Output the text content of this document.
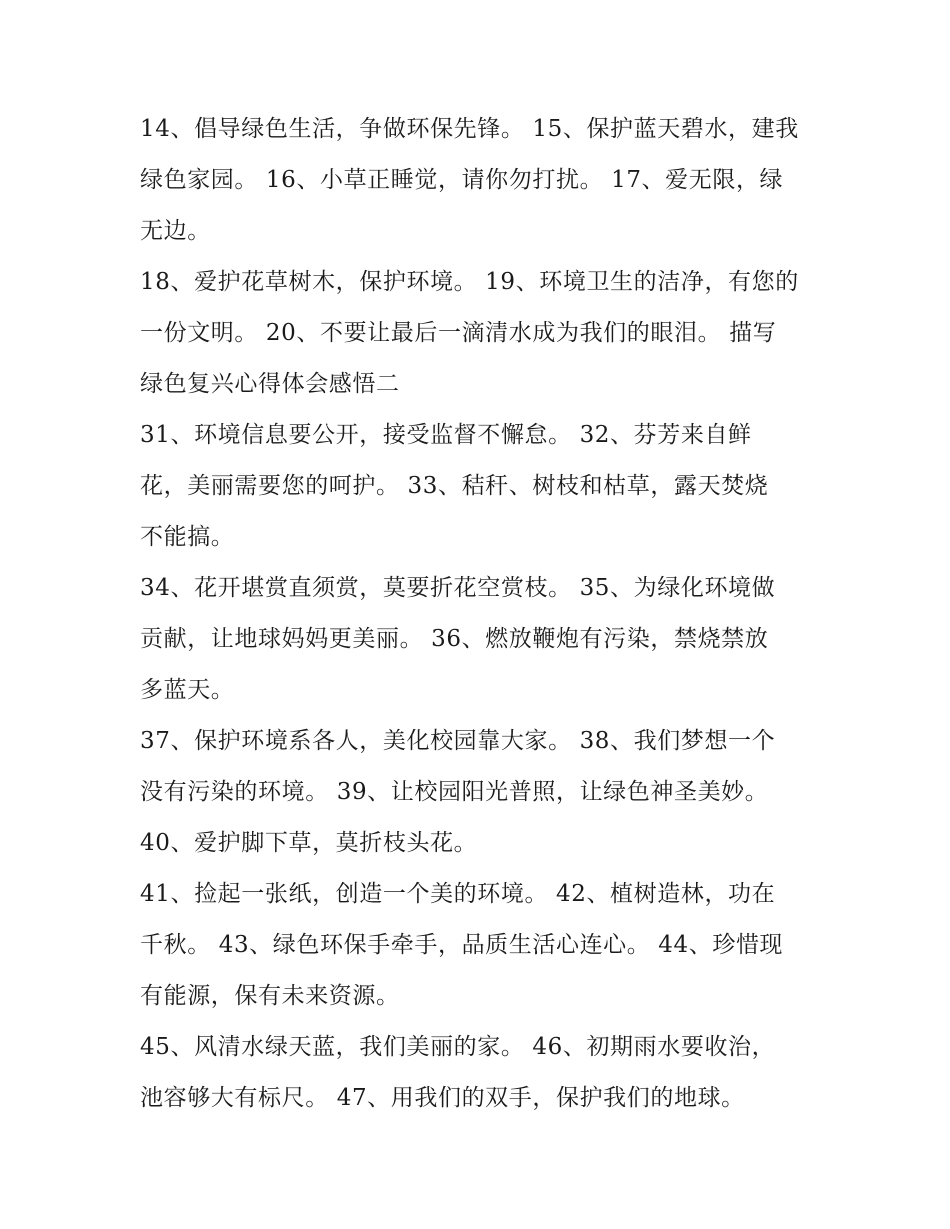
14、倡导绿色生活，争做环保先锋。 15、保护蓝天碧水，建我
绿色家园。 16、小草正睡觉，请你勿打扰。 17、爱无限，绿
无边。

18、爱护花草树木，保护环境。 19、环境卫生的洁净，有您的
一份文明。 20、不要让最后一滴清水成为我们的眼泪。 描写
绿色复兴心得体会感悟二

31、环境信息要公开，接受监督不懈怠。 32、芬芳来自鲜
花，美丽需要您的呵护。 33、秸秆、树枝和枯草，露天焚烧
不能搞。

34、花开堪赏直须赏，莫要折花空赏枝。 35、为绿化环境做
贡献，让地球妈妈更美丽。 36、燃放鞭炮有污染，禁烧禁放
多蓝天。

37、保护环境系各人，美化校园靠大家。 38、我们梦想一个
没有污染的环境。 39、让校园阳光普照，让绿色神圣美妙。
40、爱护脚下草，莫折枝头花。

41、捡起一张纸，创造一个美的环境。 42、植树造林，功在
千秋。 43、绿色环保手牵手，品质生活心连心。 44、珍惜现
有能源，保有未来资源。

45、风清水绿天蓝，我们美丽的家。 46、初期雨水要收治，
池容够大有标尺。 47、用我们的双手，保护我们的地球。
